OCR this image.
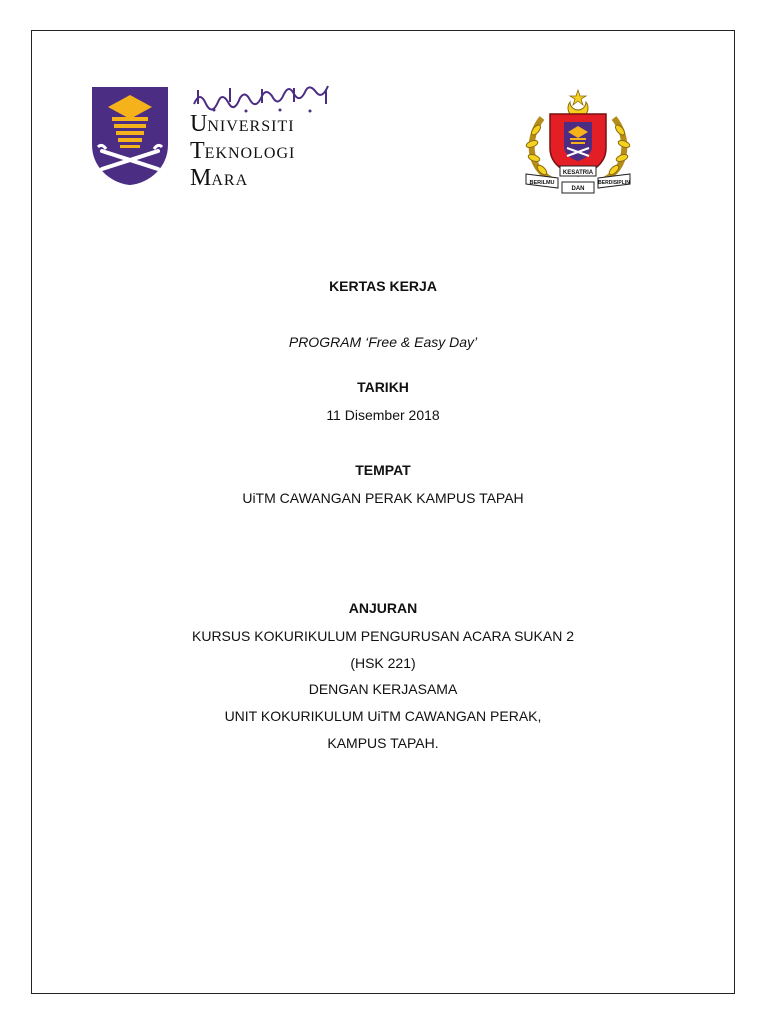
UNIVERSITI
TEKNOLOGI
MARA	KESATRIA
BERILMU
DAN
BERDISIPLIN
KERTAS KERJA
PROGRAM ‘Free & Easy Day’
TARIKH
11 Disember 2018
TEMPAT
UiTM CAWANGAN PERAK KAMPUS TAPAH
ANJURAN
KURSUS KOKURIKULUM PENGURUSAN ACARA SUKAN 2
(HSK 221)
DENGAN KERJASAMA
UNIT KOKURIKULUM UiTM CAWANGAN PERAK,
KAMPUS TAPAH.
